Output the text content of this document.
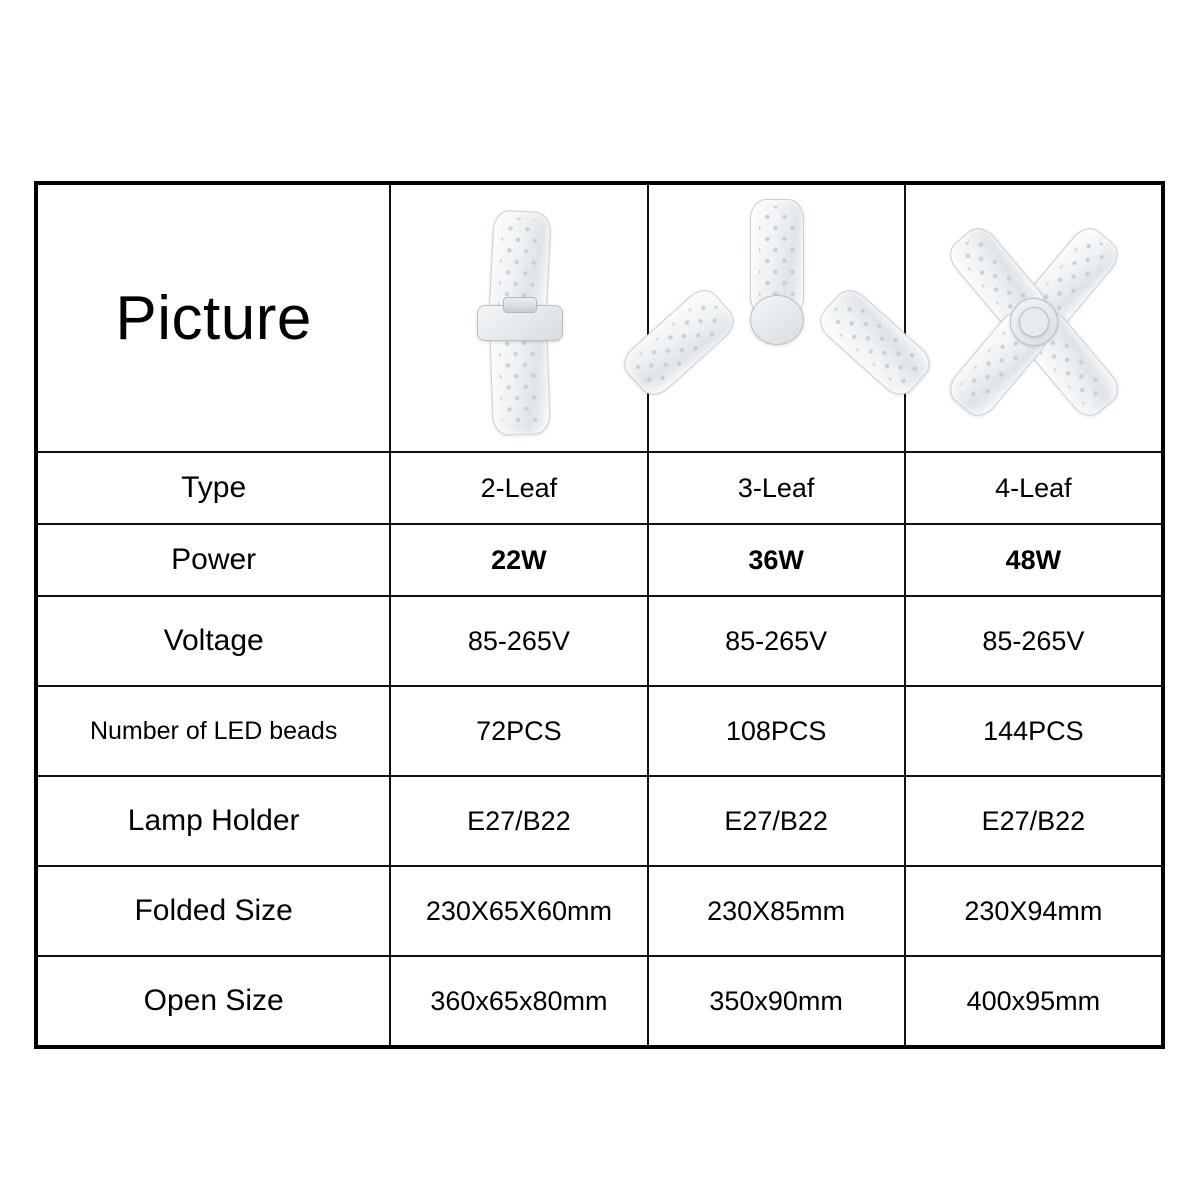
Picture	

Type	2-Leaf	3-Leaf	4-Leaf
Power	22W	36W	48W
Voltage	85-265V	85-265V	85-265V
Number of LED beads	72PCS	108PCS	144PCS
Lamp Holder	E27/B22	E27/B22	E27/B22
Folded Size	230X65X60mm	230X85mm	230X94mm
Open Size	360x65x80mm	350x90mm	400x95mm
